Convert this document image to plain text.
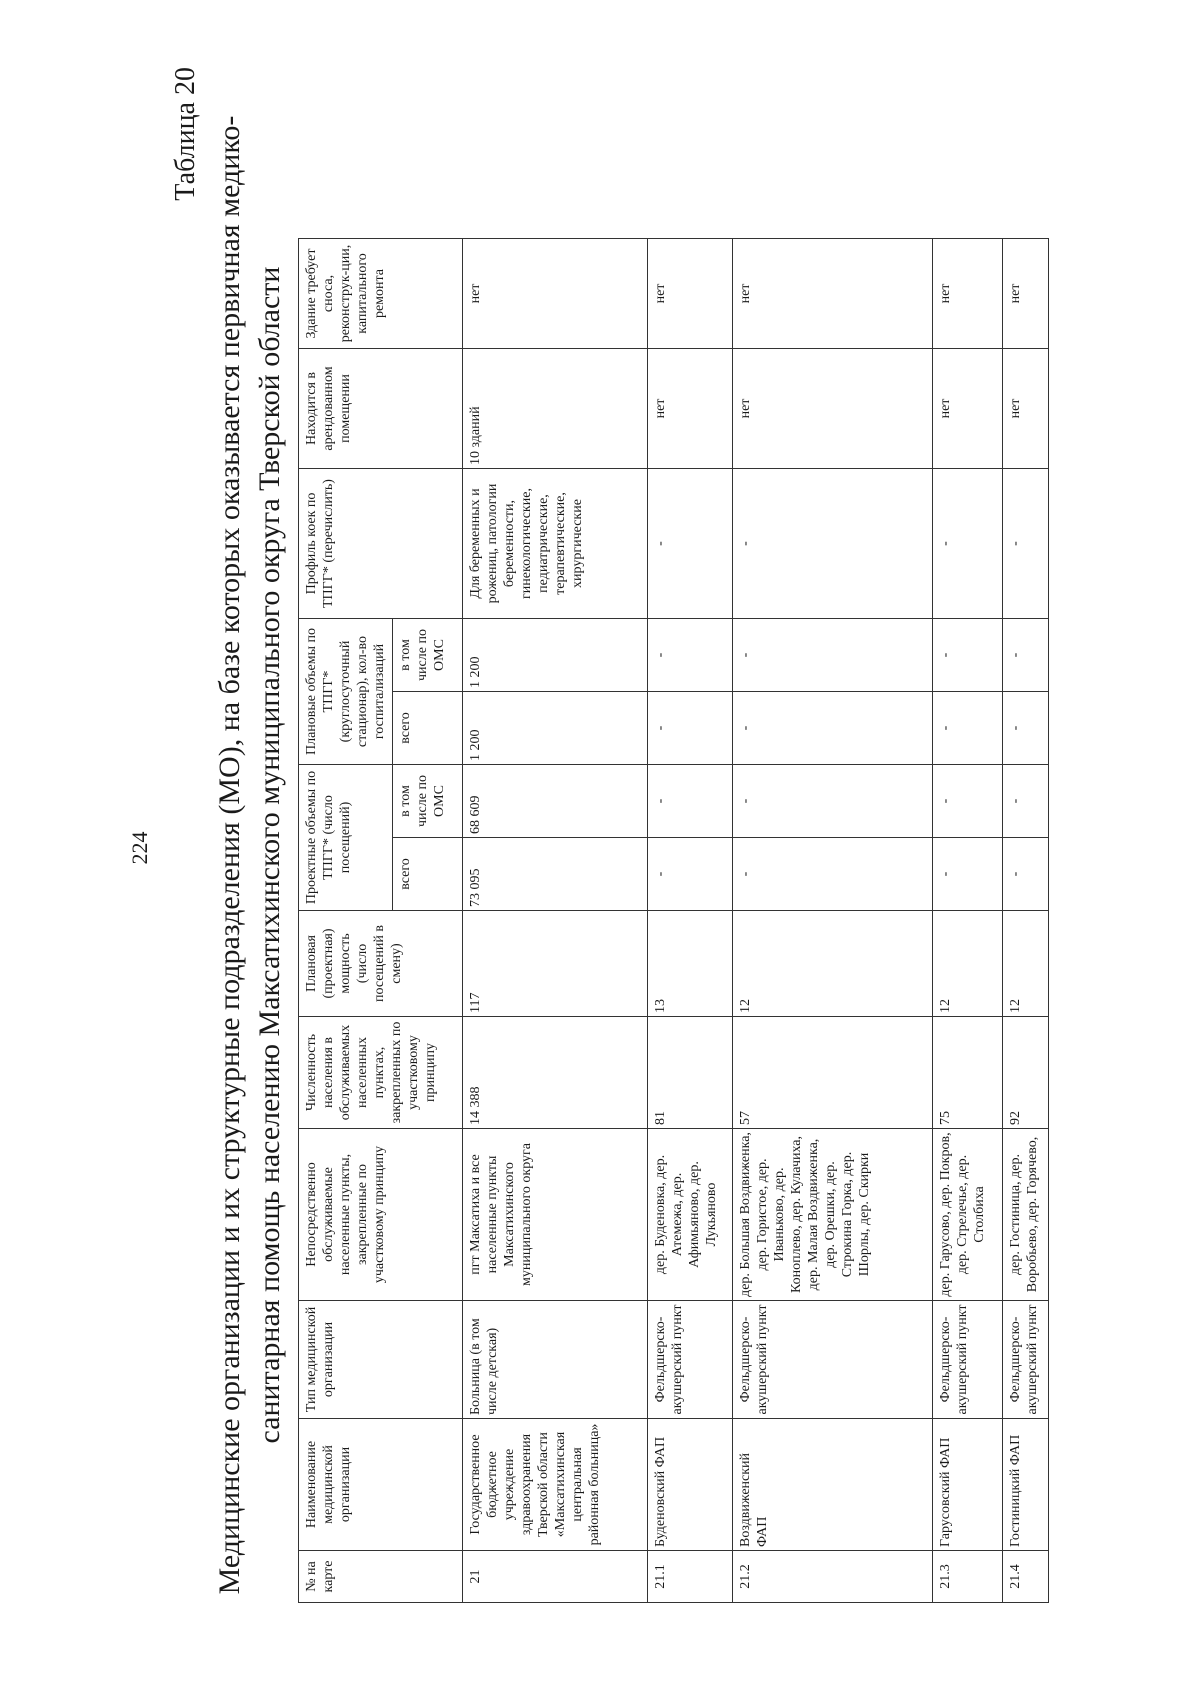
224
Таблица 20 Медицинские организации и их структурные подразделения (МО), на базе которых оказывается первичная медико- санитарная помощь населению Максатихинского муниципального округа Тверской области
№ на карте	Наименование медицинской организации	Тип медицинской организации	Непосредственно обслуживаемые населенные пункты, закрепленные по участковому принципу	Численность населения в обслуживаемых населенных пунктах, закрепленных по участковому принципу	Плановая (проектная) мощность (число посещений в смену)	Проектные объемы по ТПГГ* (число посещений)		Плановые объемы по ТПГГ* (круглосуточный стационар), кол-во госпитализаций		Профиль коек по ТПГГ* (перечислить)	Находится в арендованном помещении	Здание требует сноса, реконструк-ции, капитального ремонта
						всего	в том числе по ОМС	всего	в том числе по ОМС			
21	Государственное бюджетное учреждение здравоохранения Тверской области «Максатихинская центральная районная больница»	Больница (в том числе детская)	пгт Максатиха и все населенные пункты Максатихинского муниципального округа	14 388	117	73 095	68 609	1 200	1 200	Для беременных и рожениц, патологии беременности, гинекологические, педиатрические, терапевтические, хирургические	10 зданий	нет
21.1	Буденовский ФАП	Фельдшерско-акушерский пункт	дер. Буденовка, дер. Атемежа, дер. Афимьяново, дер. Лукьяново	81	13	-	-	-	-	-	нет	нет
21.2	Воздвиженский ФАП	Фельдшерско-акушерский пункт	дер. Большая Воздвиженка, дер. Гористое, дер. Иваньково, дер. Коноплево, дер. Кулачиха, дер. Малая Воздвиженка, дер. Орешки, дер. Строкина Горка, дер. Шорлы, дер. Скирки	57	12	-	-	-	-	-	нет	нет
21.3	Гарусовский ФАП	Фельдшерско-акушерский пункт	дер. Гарусово, дер. Покров, дер. Стрелечье, дер. Столбиха	75	12	-	-	-	-	-	нет	нет
21.4	Гостиницкий ФАП	Фельдшерско-акушерский пункт	дер. Гостиница, дер. Воробьево, дер. Горячево,	92	12	-	-	-	-	-	нет	нет
